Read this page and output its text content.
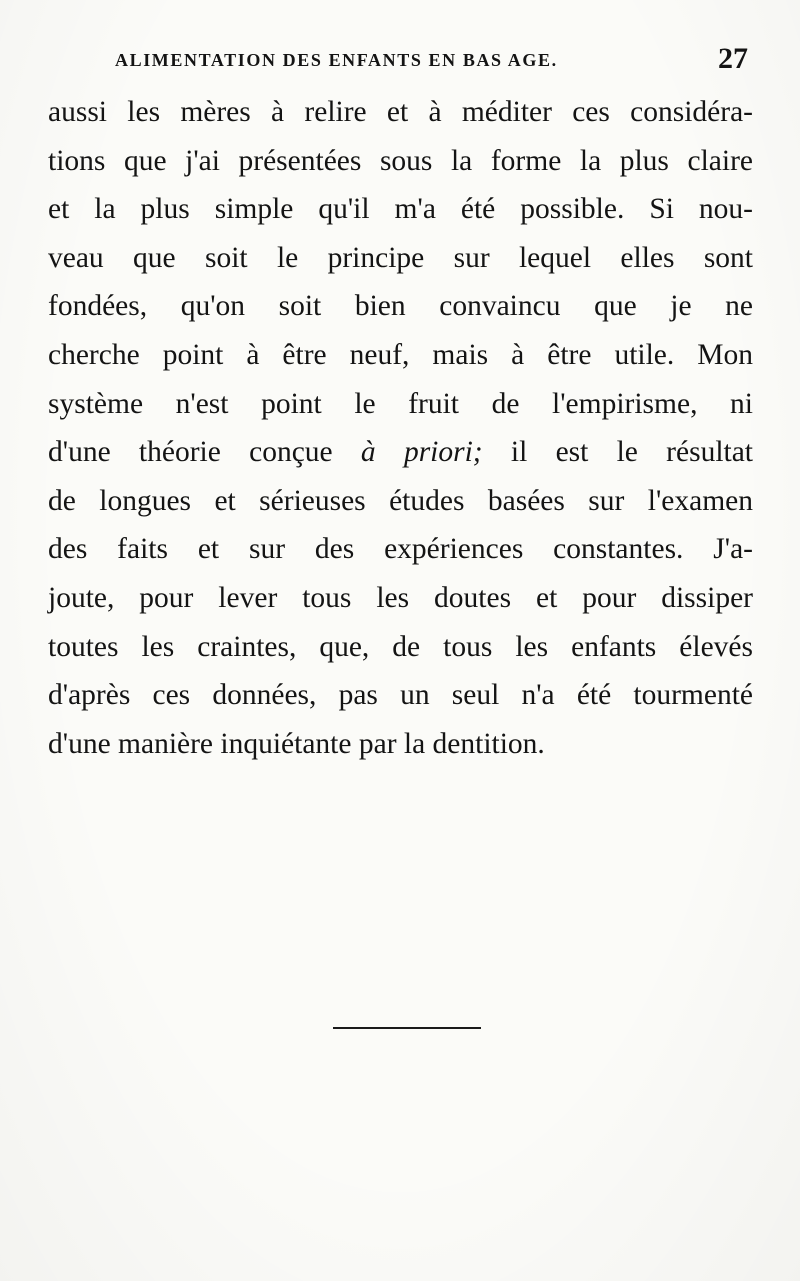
ALIMENTATION DES ENFANTS EN BAS AGE.	27
aussi les mères à relire et à méditer ces considéra-
tions que j'ai présentées sous la forme la plus claire
et la plus simple qu'il m'a été possible. Si nou-
veau que soit le principe sur lequel elles sont
fondées, qu'on soit bien convaincu que je ne
cherche point à être neuf, mais à être utile. Mon
système n'est point le fruit de l'empirisme, ni
d'une théorie conçue à priori; il est le résultat
de longues et sérieuses études basées sur l'examen
des faits et sur des expériences constantes. J'a-
joute, pour lever tous les doutes et pour dissiper
toutes les craintes, que, de tous les enfants élevés
d'après ces données, pas un seul n'a été tourmenté
d'une manière inquiétante par la dentition.
